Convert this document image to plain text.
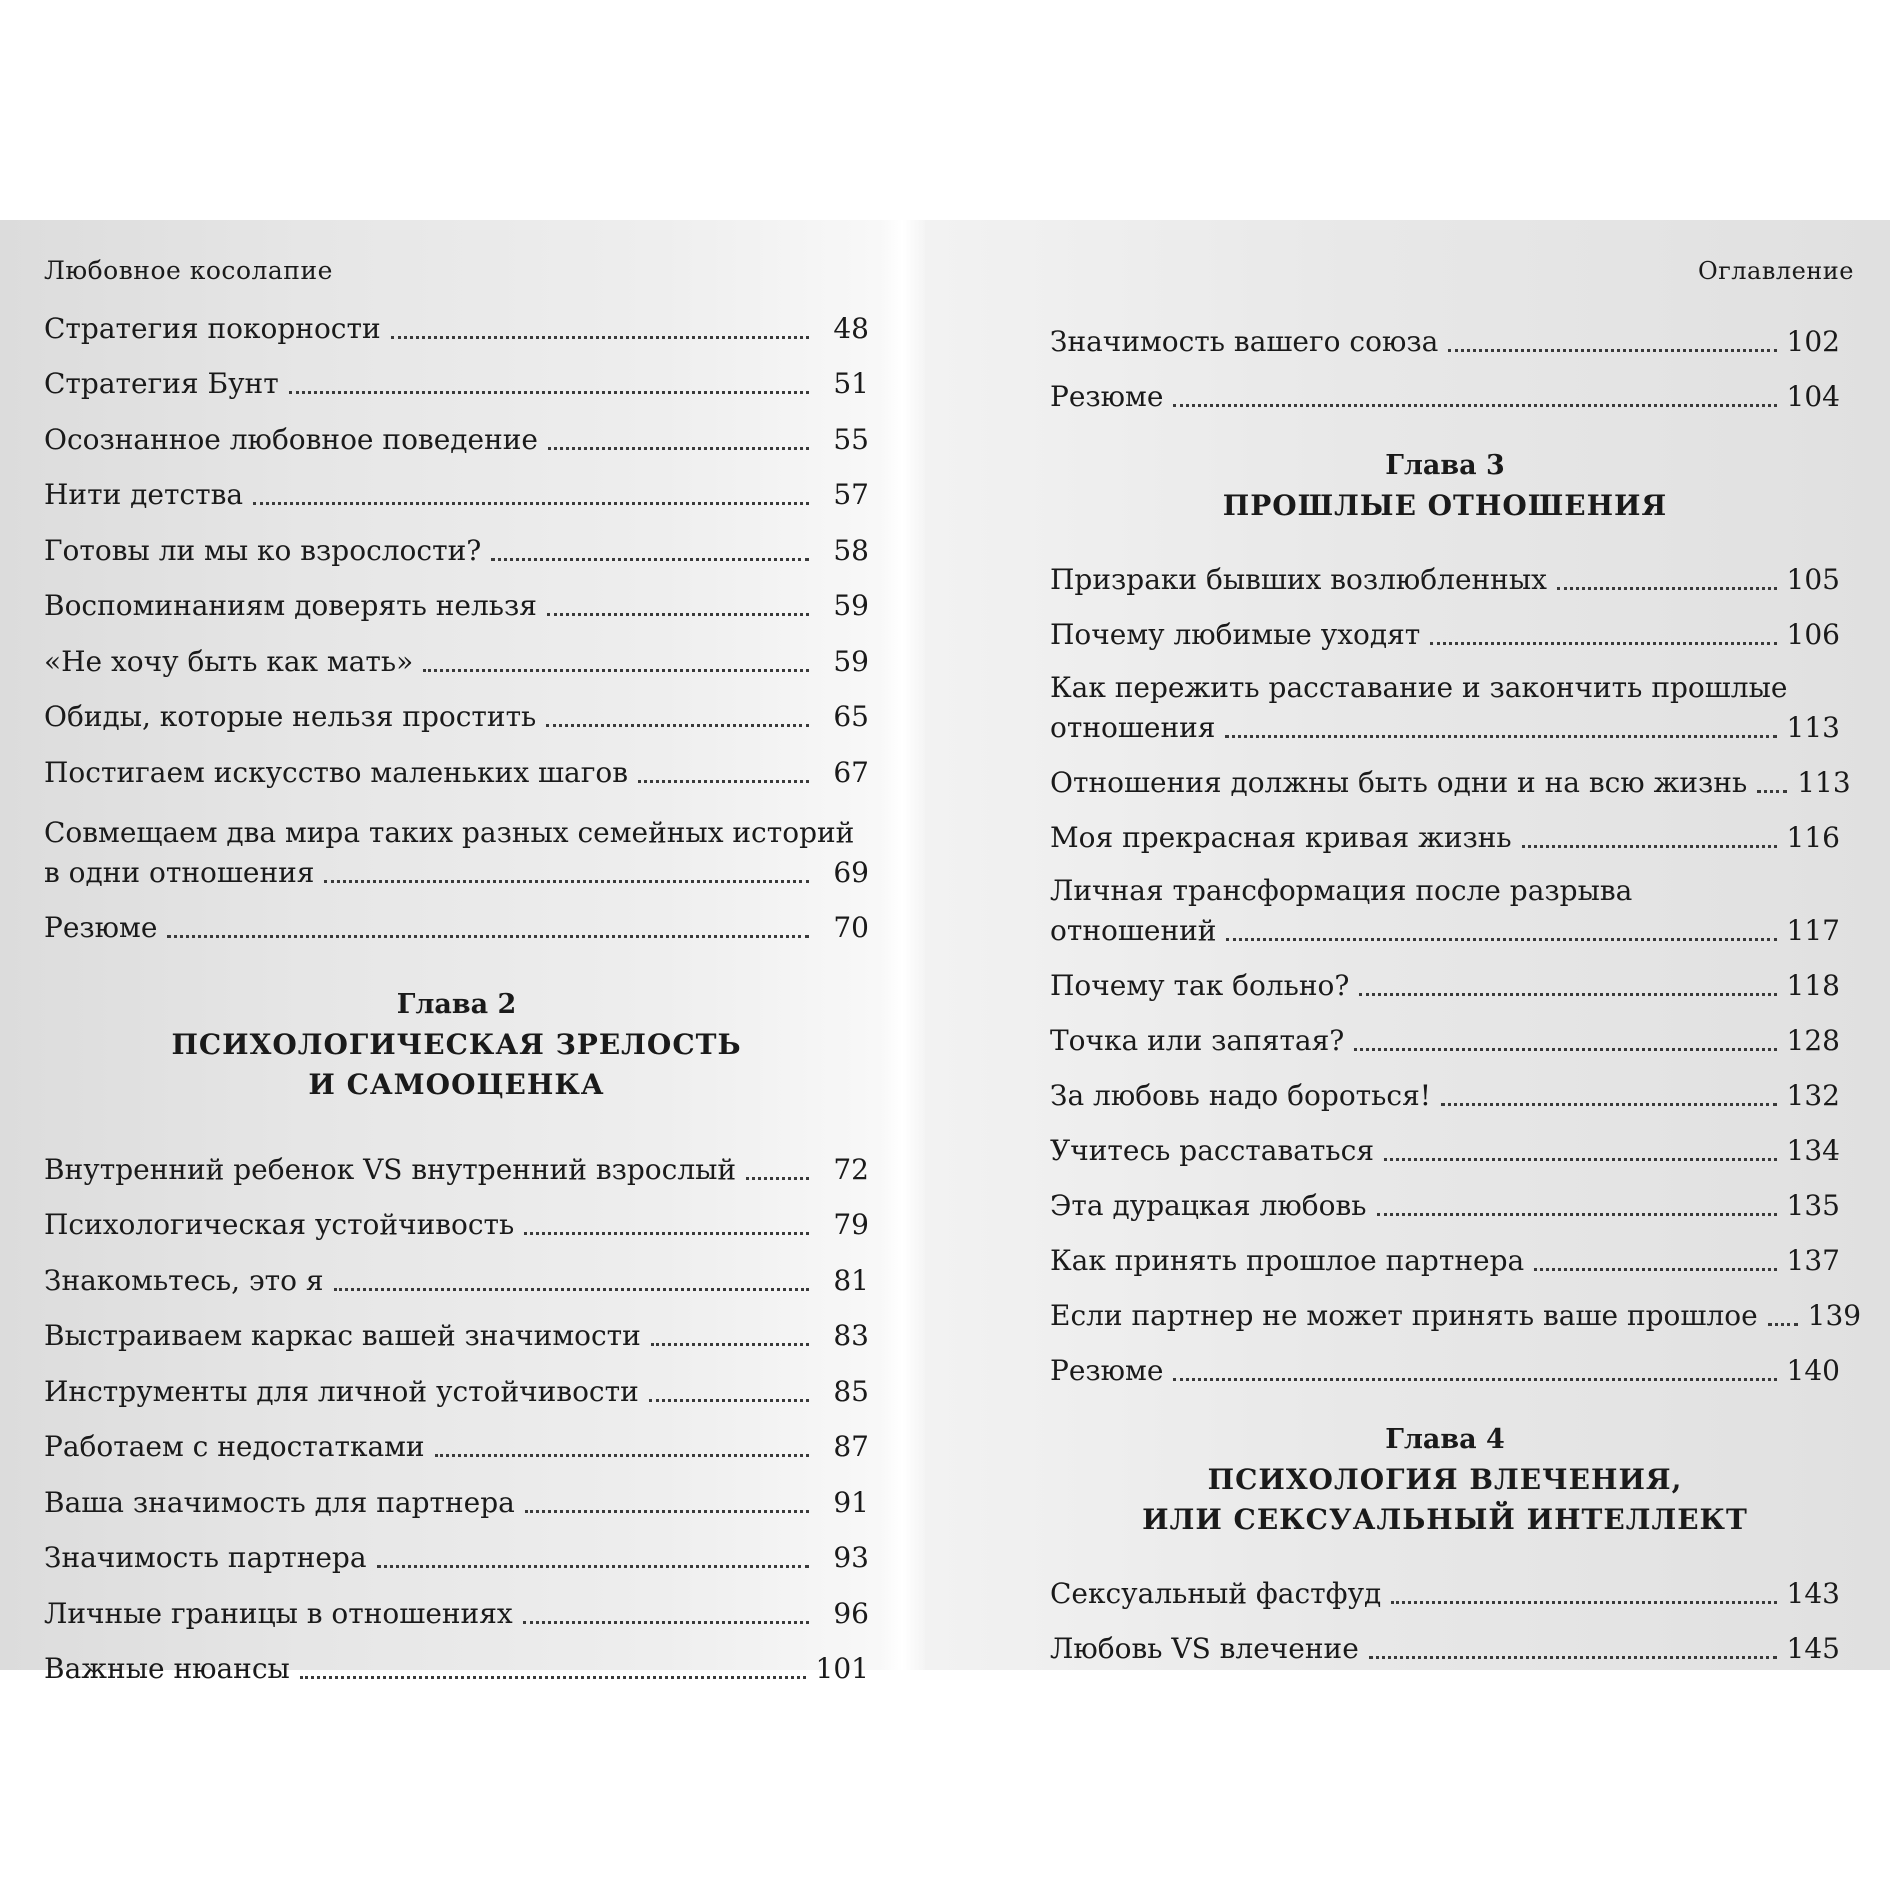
Любовное косолапие
Стратегия покорности	48
Стратегия Бунт	51
Осознанное любовное поведение	55
Нити детства	57
Готовы ли мы ко взрослости?	58
Воспоминаниям доверять нельзя	59
«Не хочу быть как мать»	59
Обиды, которые нельзя простить	65
Постигаем искусство маленьких шагов	67
Совмещаем два мира таких разных семейных историй
в одни отношения	69
Резюме	70
Глава 2
ПСИХОЛОГИЧЕСКАЯ ЗРЕЛОСТЬ
И САМООЦЕНКА
Внутренний ребенок VS внутренний взрослый	72
Психологическая устойчивость	79
Знакомьтесь, это я	81
Выстраиваем каркас вашей значимости	83
Инструменты для личной устойчивости	85
Работаем с недостатками	87
Ваша значимость для партнера	91
Значимость партнера	93
Личные границы в отношениях	96
Важные нюансы	101
Оглавление
Значимость вашего союза	102
Резюме	104
Глава 3
ПРОШЛЫЕ ОТНОШЕНИЯ
Призраки бывших возлюбленных	105
Почему любимые уходят	106
Как пережить расставание и закончить прошлые
отношения	113
Отношения должны быть одни и на всю жизнь	113
Моя прекрасная кривая жизнь	116
Личная трансформация после разрыва
отношений	117
Почему так больно?	118
Точка или запятая?	128
За любовь надо бороться!	132
Учитесь расставаться	134
Эта дурацкая любовь	135
Как принять прошлое партнера	137
Если партнер не может принять ваше прошлое	139
Резюме	140
Глава 4
ПСИХОЛОГИЯ ВЛЕЧЕНИЯ,
ИЛИ СЕКСУАЛЬНЫЙ ИНТЕЛЛЕКТ
Сексуальный фастфуд	143
Любовь VS влечение	145
